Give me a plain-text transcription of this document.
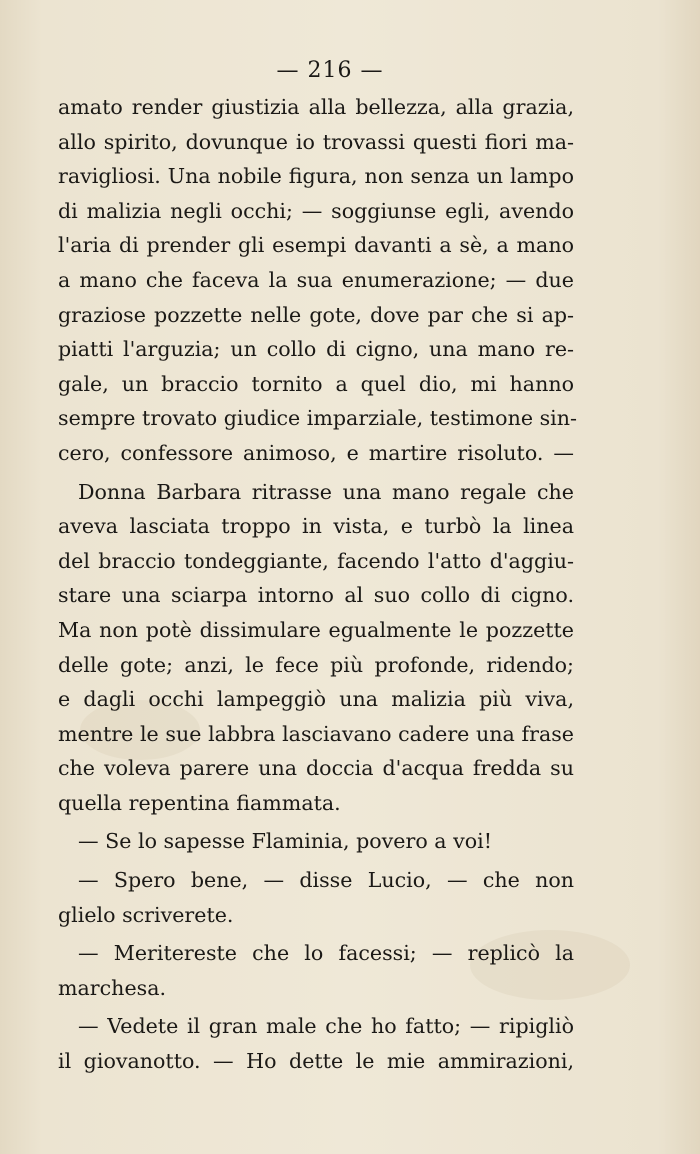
— 216 —
amato render giustizia alla bellezza, alla grazia,
allo spirito, dovunque io trovassi questi fiori ma-
ravigliosi. Una nobile figura, non senza un lampo
di malizia negli occhi; — soggiunse egli, avendo
l'aria di prender gli esempi davanti a sè, a mano
a mano che faceva la sua enumerazione; — due
graziose pozzette nelle gote, dove par che si ap-
piatti l'arguzia; un collo di cigno, una mano re-
gale, un braccio tornito a quel dio, mi hanno
sempre trovato giudice imparziale, testimone sin-
cero, confessore animoso, e martire risoluto. —
Donna Barbara ritrasse una mano regale che
aveva lasciata troppo in vista, e turbò la linea
del braccio tondeggiante, facendo l'atto d'aggiu-
stare una sciarpa intorno al suo collo di cigno.
Ma non potè dissimulare egualmente le pozzette
delle gote; anzi, le fece più profonde, ridendo;
e dagli occhi lampeggiò una malizia più viva,
mentre le sue labbra lasciavano cadere una frase
che voleva parere una doccia d'acqua fredda su
quella repentina fiammata.
— Se lo sapesse Flaminia, povero a voi!
— Spero bene, — disse Lucio, — che non
glielo scriverete.
— Meritereste che lo facessi; — replicò la
marchesa.
— Vedete il gran male che ho fatto; — ripigliò
il giovanotto. — Ho dette le mie ammirazioni,
